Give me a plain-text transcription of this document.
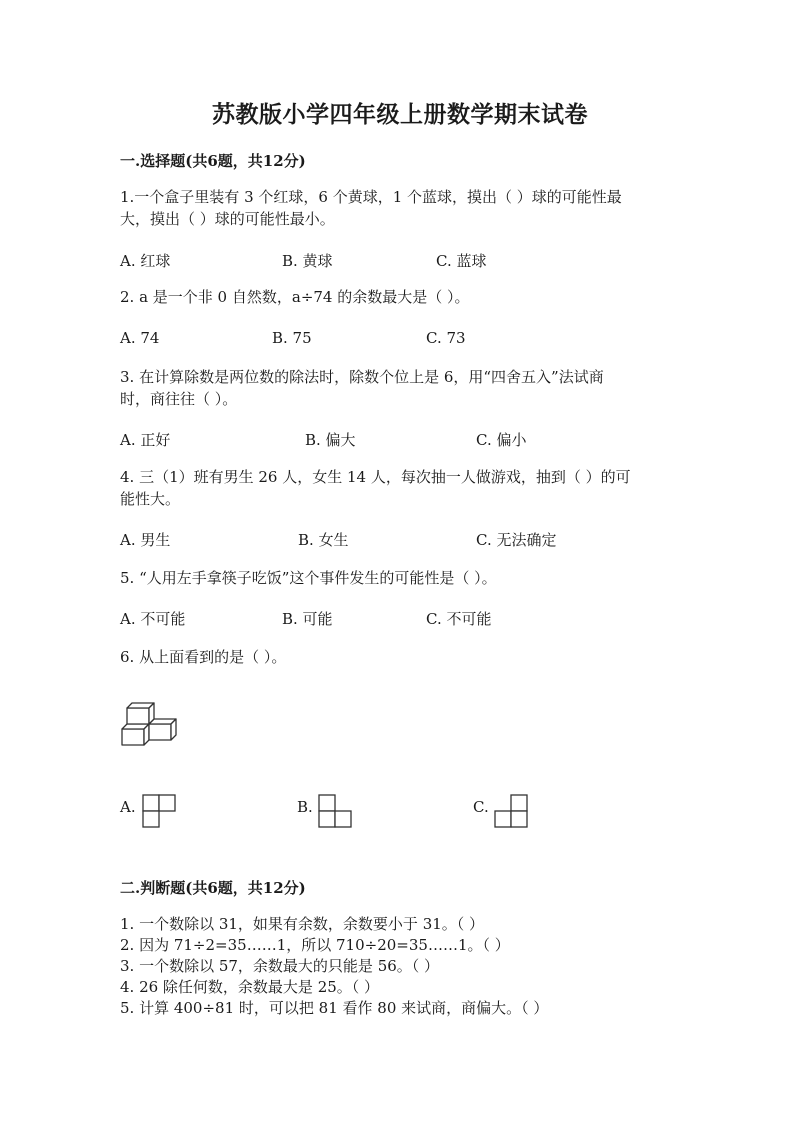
苏教版小学四年级上册数学期末试卷
一.选择题(共6题，共12分)
1.一个盒子里装有 3 个红球，6 个黄球，1 个蓝球，摸出（ ）球的可能性最
大，摸出（ ）球的可能性最小。
A. 红球	B. 黄球	C. 蓝球
2. a 是一个非 0 自然数，a÷74 的余数最大是（ ）。
A. 74	B. 75	C. 73
3. 在计算除数是两位数的除法时，除数个位上是 6，用“四舍五入”法试商
时，商往往（ ）。
A. 正好	B. 偏大	C. 偏小
4. 三（1）班有男生 26 人，女生 14 人，每次抽一人做游戏，抽到（ ）的可
能性大。
A. 男生	B. 女生	C. 无法确定
5. “人用左手拿筷子吃饭”这个事件发生的可能性是（ ）。
A. 不可能	B. 可能	C. 不可能
6. 从上面看到的是（ ）。
A.	B.	C.
二.判断题(共6题，共12分)
1. 一个数除以 31，如果有余数，余数要小于 31。（ ）
2. 因为 71÷2=35……1，所以 710÷20=35……1。（ ）
3. 一个数除以 57，余数最大的只能是 56。（ ）
4. 26 除任何数，余数最大是 25。（ ）
5. 计算 400÷81 时，可以把 81 看作 80 来试商，商偏大。（ ）
